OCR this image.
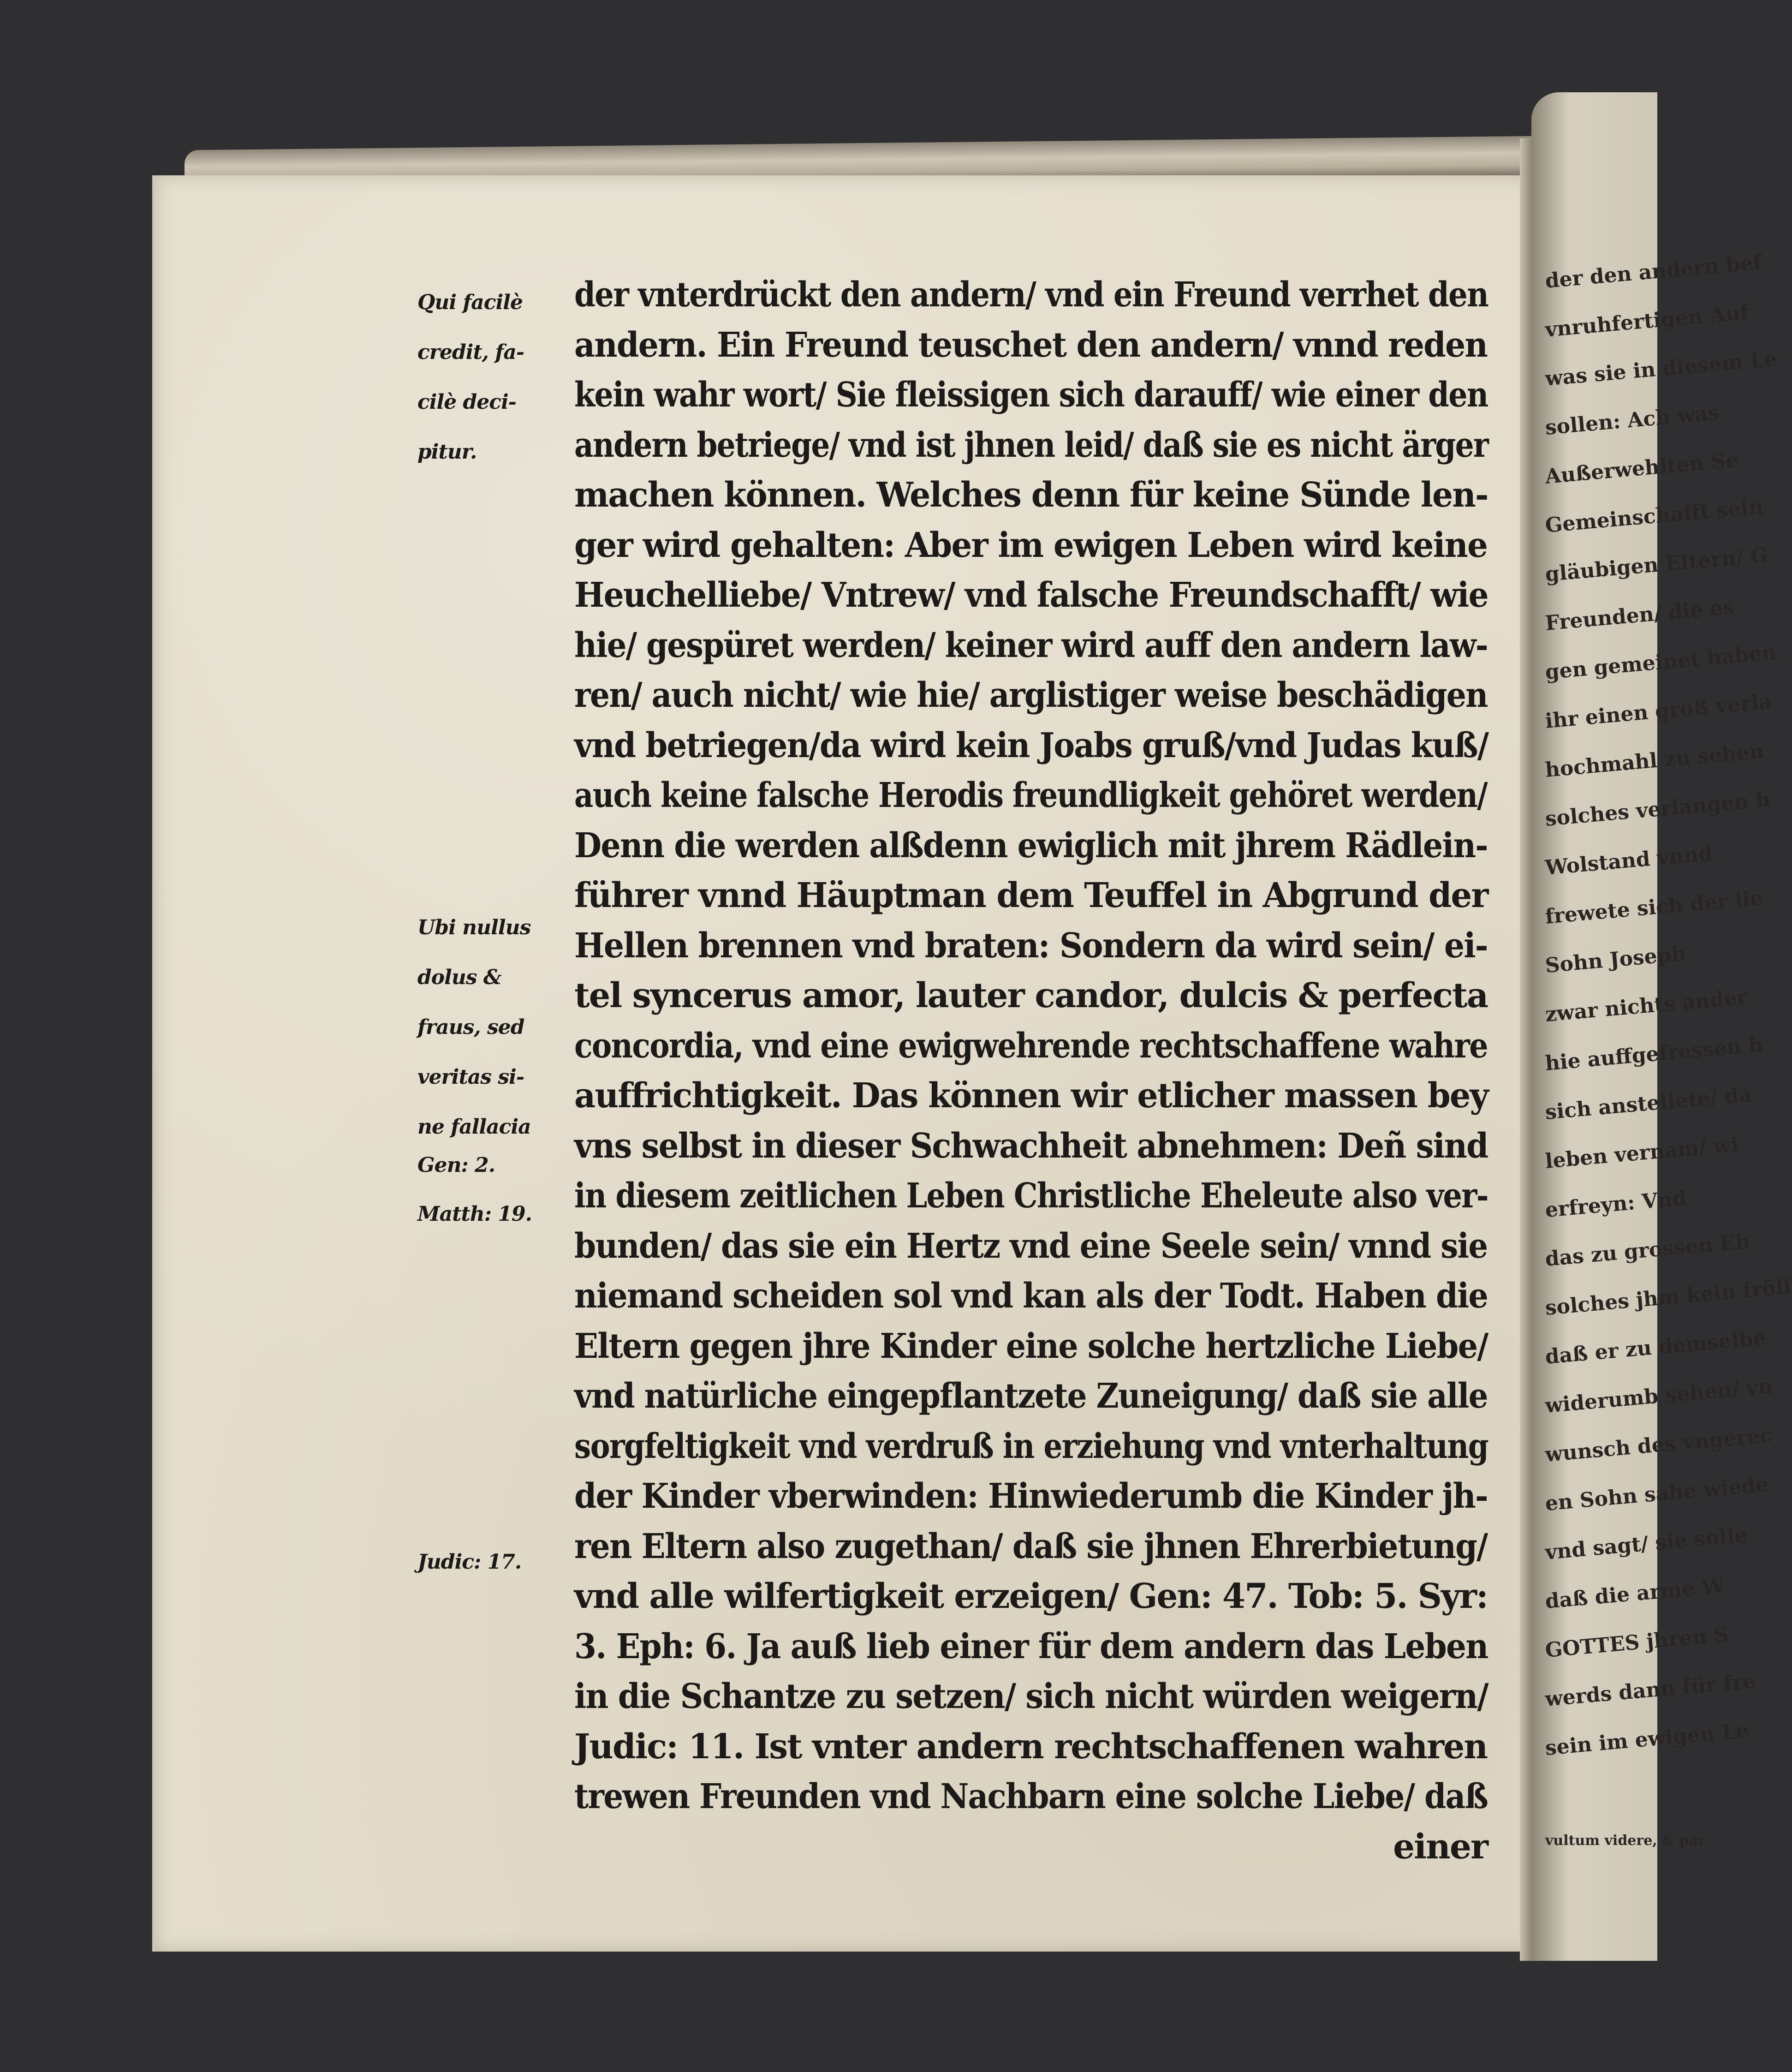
der vnterdrückt den andern/ vnd ein Freund verrhet den
andern. Ein Freund teuschet den andern/ vnnd reden
kein wahr wort/ Sie fleissigen sich darauff/ wie einer den
andern betriege/ vnd ist jhnen leid/ daß sie es nicht ärger
machen können. Welches denn für keine Sünde len-
ger wird gehalten: Aber im ewigen Leben wird keine
Heuchelliebe/ Vntrew/ vnd falsche Freundschafft/ wie
hie/ gespüret werden/ keiner wird auff den andern law-
ren/ auch nicht/ wie hie/ arglistiger weise beschädigen
vnd betriegen/da wird kein Joabs gruß/vnd Judas kuß/
auch keine falsche Herodis freundligkeit gehöret werden/
Denn die werden alßdenn ewiglich mit jhrem Rädlein-
führer vnnd Häuptman dem Teuffel in Abgrund der
Hellen brennen vnd braten: Sondern da wird sein/ ei-
tel syncerus amor, lauter candor, dulcis & perfecta
concordia, vnd eine ewigwehrende rechtschaffene wahre
auffrichtigkeit. Das können wir etlicher massen bey
vns selbst in dieser Schwachheit abnehmen: Deñ sind
in diesem zeitlichen Leben Christliche Eheleute also ver-
bunden/ das sie ein Hertz vnd eine Seele sein/ vnnd sie
niemand scheiden sol vnd kan als der Todt. Haben die
Eltern gegen jhre Kinder eine solche hertzliche Liebe/
vnd natürliche eingepflantzete Zuneigung/ daß sie alle
sorgfeltigkeit vnd verdruß in erziehung vnd vnterhaltung
der Kinder vberwinden: Hinwiederumb die Kinder jh-
ren Eltern also zugethan/ daß sie jhnen Ehrerbietung/
vnd alle wilfertigkeit erzeigen/ Gen: 47. Tob: 5. Syr:
3. Eph: 6. Ja auß lieb einer für dem andern das Leben
in die Schantze zu setzen/ sich nicht würden weigern/
Judic: 11. Ist vnter andern rechtschaffenen wahren
trewen Freunden vnd Nachbarn eine solche Liebe/ daß
einer
Qui facilè
credit, fa-
cilè deci-
pitur.
Ubi nullus
dolus &
fraus, sed
veritas si-
ne fallacia
Gen: 2.
Matth: 19.
Judic: 17.
der den andern bef
vnruhfertigen Auf
was sie in diesem Le
sollen: Ach was
Außerwehlten Se
Gemeinschafft sein
gläubigen Eltern/ G
Freunden/ die es
gen gemeinet haben
ihr einen groß verla
hochmahl zu sehen
solches verlangen h
Wolstand vnnd
frewete sich der lie
Sohn Joseph
zwar nichts ander
hie auffgefressen h
sich anstellete/ da
leben vernam/ wi
erfreyn: Vnd
das zu grossen Eh
solches jhm kein fröli
daß er zu demselbe
widerumb sehen/ vn
wunsch des vngerec
en Sohn sahe wiede
vnd sagt/ sie solle
daß die arme W
GOTTES jhren S
werds dann für fre
sein im ewigen Le
vultum videre, & par
